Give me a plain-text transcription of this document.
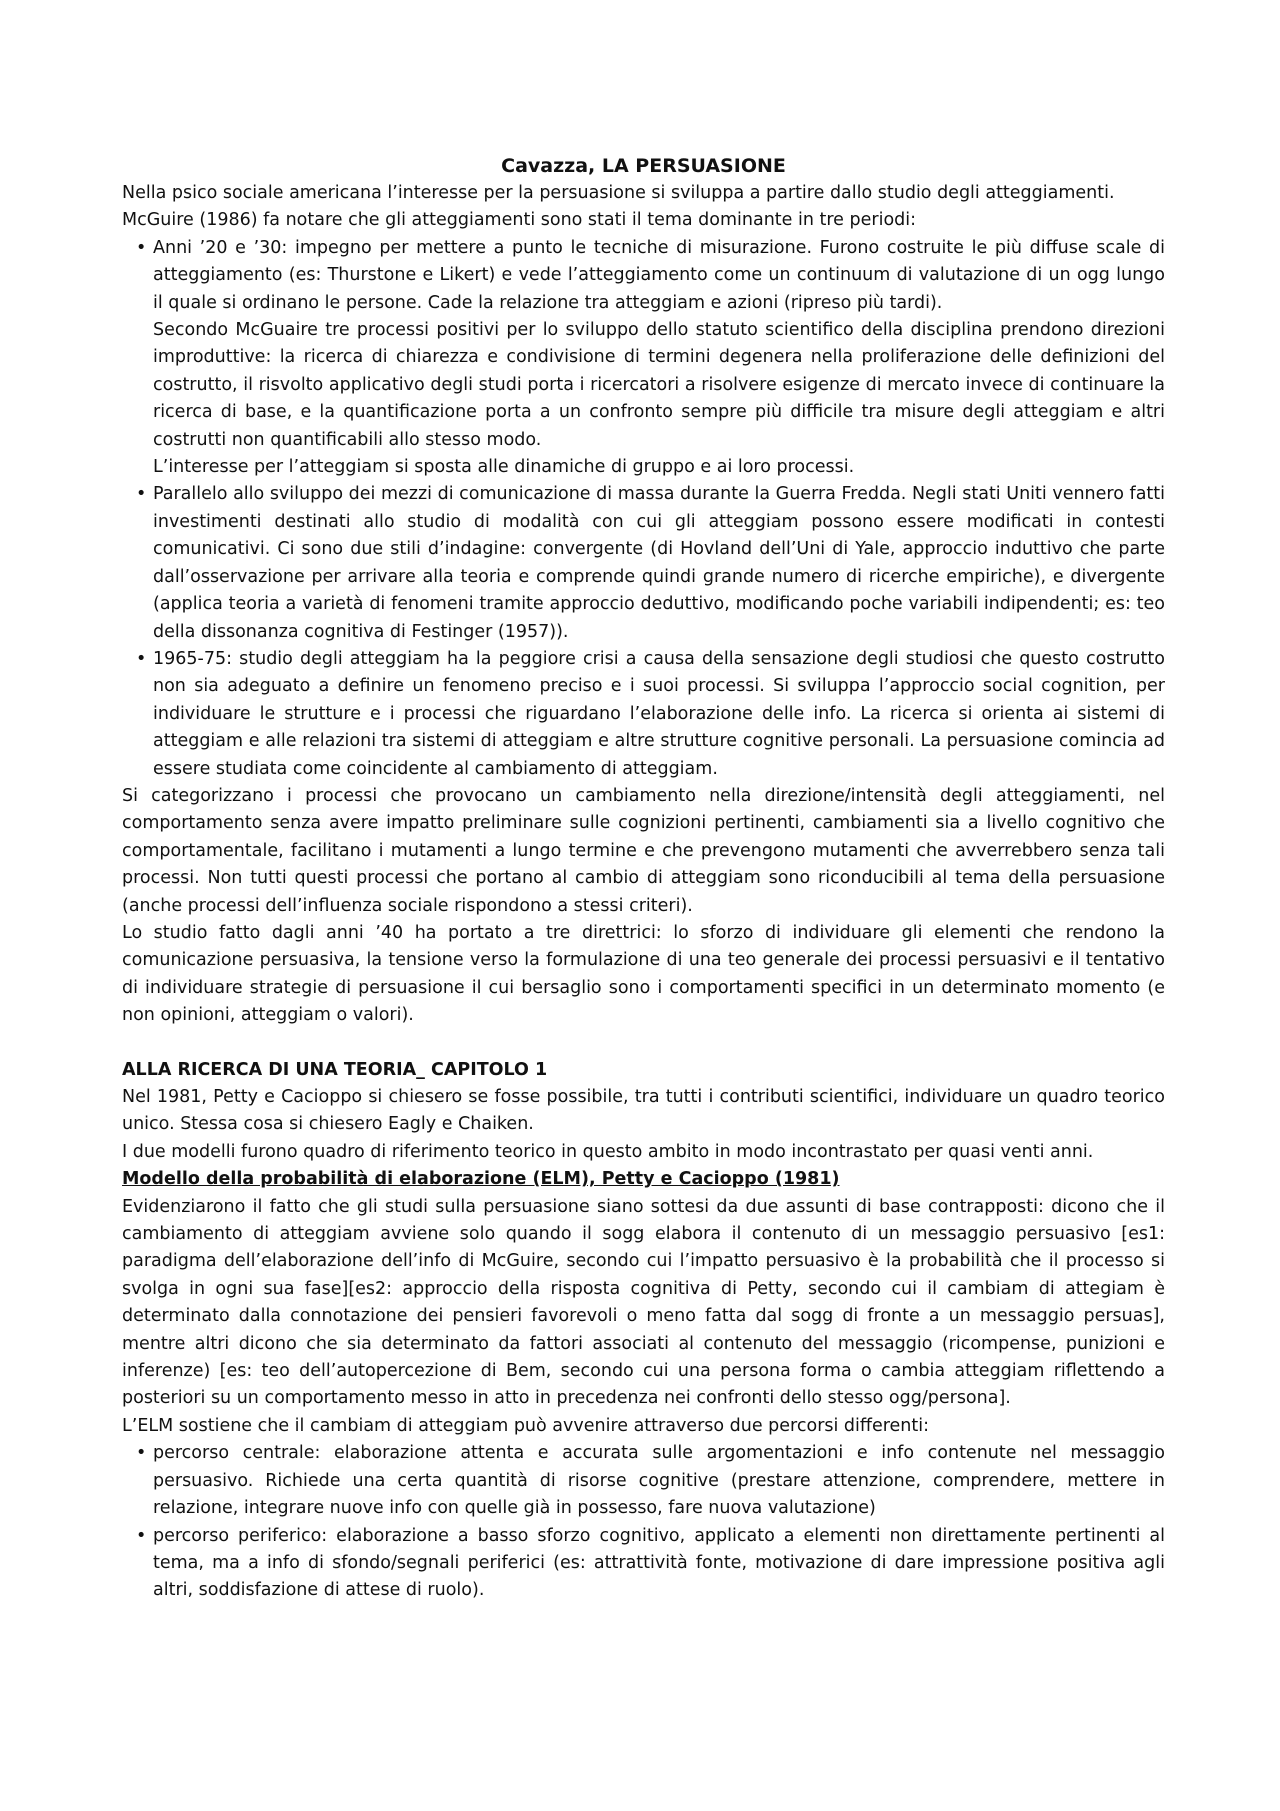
Cavazza, LA PERSUASIONE

Nella psico sociale americana l’interesse per la persuasione si sviluppa a partire dallo studio degli atteggiamenti.

McGuire (1986) fa notare che gli atteggiamenti sono stati il tema dominante in tre periodi:

• Anni ’20 e ’30: impegno per mettere a punto le tecniche di misurazione. Furono costruite le più diffuse scale di atteggiamento (es: Thurstone e Likert) e vede l’atteggiamento come un continuum di valutazione di un ogg lungo il quale si ordinano le persone. Cade la relazione tra atteggiam e azioni (ripreso più tardi).

Secondo McGuaire tre processi positivi per lo sviluppo dello statuto scientifico della disciplina prendono direzioni improduttive: la ricerca di chiarezza e condivisione di termini degenera nella proliferazione delle definizioni del costrutto, il risvolto applicativo degli studi porta i ricercatori a risolvere esigenze di mercato invece di continuare la ricerca di base, e la quantificazione porta a un confronto sempre più difficile tra misure degli atteggiam e altri costrutti non quantificabili allo stesso modo.

L’interesse per l’atteggiam si sposta alle dinamiche di gruppo e ai loro processi.

• Parallelo allo sviluppo dei mezzi di comunicazione di massa durante la Guerra Fredda. Negli stati Uniti vennero fatti investimenti destinati allo studio di modalità con cui gli atteggiam possono essere modificati in contesti comunicativi. Ci sono due stili d’indagine: convergente (di Hovland dell’Uni di Yale, approccio induttivo che parte dall’osservazione per arrivare alla teoria e comprende quindi grande numero di ricerche empiriche), e divergente (applica teoria a varietà di fenomeni tramite approccio deduttivo, modificando poche variabili indipendenti; es: teo della dissonanza cognitiva di Festinger (1957)).

• 1965-75: studio degli atteggiam ha la peggiore crisi a causa della sensazione degli studiosi che questo costrutto non sia adeguato a definire un fenomeno preciso e i suoi processi. Si sviluppa l’approccio social cognition, per individuare le strutture e i processi che riguardano l’elaborazione delle info. La ricerca si orienta ai sistemi di atteggiam e alle relazioni tra sistemi di atteggiam e altre strutture cognitive personali. La persuasione comincia ad essere studiata come coincidente al cambiamento di atteggiam.

Si categorizzano i processi che provocano un cambiamento nella direzione/intensità degli atteggiamenti, nel comportamento senza avere impatto preliminare sulle cognizioni pertinenti, cambiamenti sia a livello cognitivo che comportamentale, facilitano i mutamenti a lungo termine e che prevengono mutamenti che avverrebbero senza tali processi. Non tutti questi processi che portano al cambio di atteggiam sono riconducibili al tema della persuasione (anche processi dell’influenza sociale rispondono a stessi criteri).

Lo studio fatto dagli anni ’40 ha portato a tre direttrici: lo sforzo di individuare gli elementi che rendono la comunicazione persuasiva, la tensione verso la formulazione di una teo generale dei processi persuasivi e il tentativo di individuare strategie di persuasione il cui bersaglio sono i comportamenti specifici in un determinato momento (e non opinioni, atteggiam o valori).

ALLA RICERCA DI UNA TEORIA_ CAPITOLO 1

Nel 1981, Petty e Cacioppo si chiesero se fosse possibile, tra tutti i contributi scientifici, individuare un quadro teorico unico. Stessa cosa si chiesero Eagly e Chaiken.

I due modelli furono quadro di riferimento teorico in questo ambito in modo incontrastato per quasi venti anni.

Modello della probabilità di elaborazione (ELM), Petty e Cacioppo (1981)

Evidenziarono il fatto che gli studi sulla persuasione siano sottesi da due assunti di base contrapposti: dicono che il cambiamento di atteggiam avviene solo quando il sogg elabora il contenuto di un messaggio persuasivo [es1: paradigma dell’elaborazione dell’info di McGuire, secondo cui l’impatto persuasivo è la probabilità che il processo si svolga in ogni sua fase][es2: approccio della risposta cognitiva di Petty, secondo cui il cambiam di attegiam è determinato dalla connotazione dei pensieri favorevoli o meno fatta dal sogg di fronte a un messaggio persuas], mentre altri dicono che sia determinato da fattori associati al contenuto del messaggio (ricompense, punizioni e inferenze) [es: teo dell’autopercezione di Bem, secondo cui una persona forma o cambia atteggiam riflettendo a posteriori su un comportamento messo in atto in precedenza nei confronti dello stesso ogg/persona].

L’ELM sostiene che il cambiam di atteggiam può avvenire attraverso due percorsi differenti:

• percorso centrale: elaborazione attenta e accurata sulle argomentazioni e info contenute nel messaggio persuasivo. Richiede una certa quantità di risorse cognitive (prestare attenzione, comprendere, mettere in relazione, integrare nuove info con quelle già in possesso, fare nuova valutazione)
• percorso periferico: elaborazione a basso sforzo cognitivo, applicato a elementi non direttamente pertinenti al tema, ma a info di sfondo/segnali periferici (es: attrattività fonte, motivazione di dare impressione positiva agli altri, soddisfazione di attese di ruolo).
